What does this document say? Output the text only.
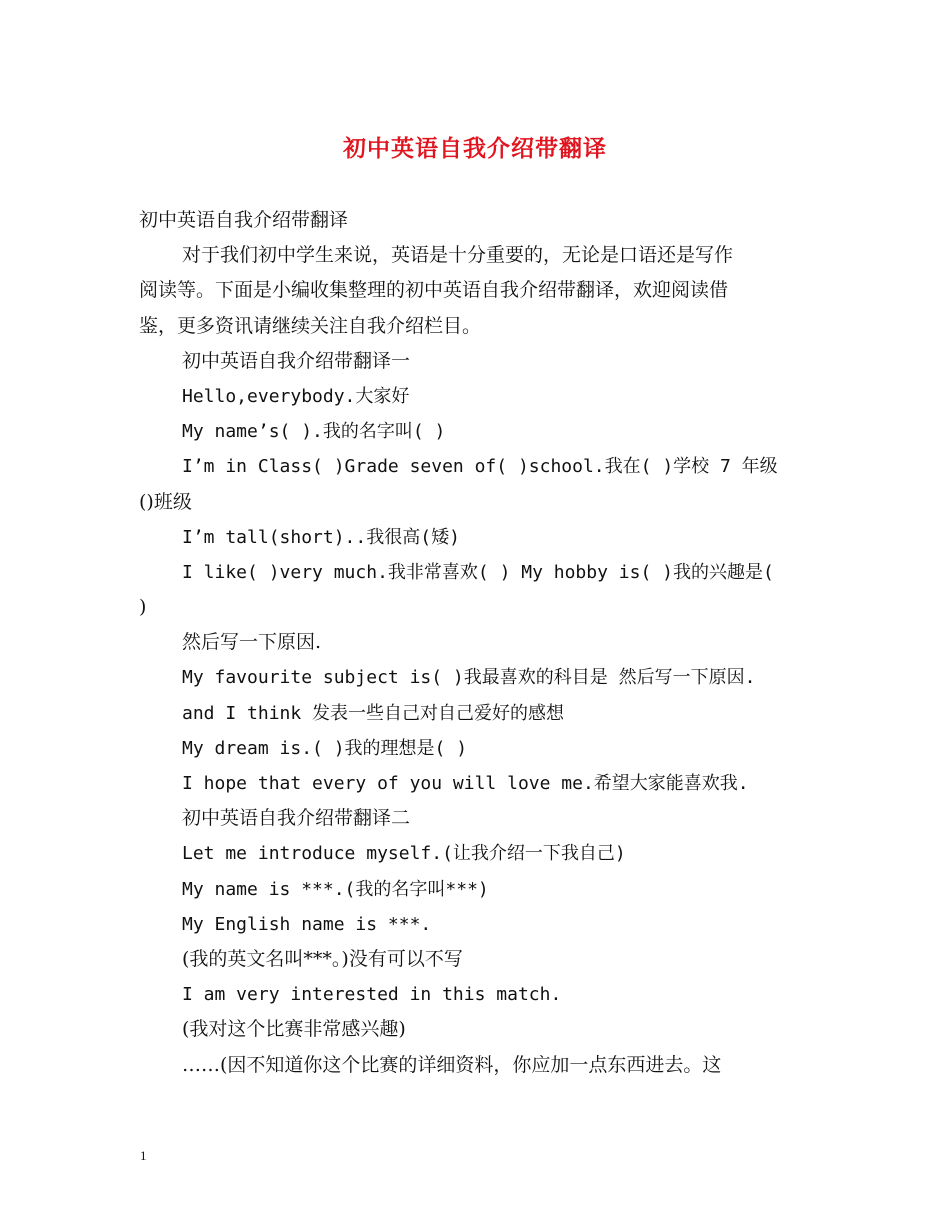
初中英语自我介绍带翻译
初中英语自我介绍带翻译
对于我们初中学生来说，英语是十分重要的，无论是口语还是写作
阅读等。下面是小编收集整理的初中英语自我介绍带翻译，欢迎阅读借
鉴，更多资讯请继续关注自我介绍栏目。
初中英语自我介绍带翻译一
Hello,everybody.大家好
My name’s( ).我的名字叫( )
I’m in Class( )Grade seven of( )school.我在( )学校 7 年级
()班级
I’m tall(short)..我很高(矮)
I like( )very much.我非常喜欢( ) My hobby is( )我的兴趣是(
)
然后写一下原因.
My favourite subject is( )我最喜欢的科目是 然后写一下原因.
and I think 发表一些自己对自己爱好的感想
My dream is.( )我的理想是( )
I hope that every of you will love me.希望大家能喜欢我.
初中英语自我介绍带翻译二
Let me introduce myself.(让我介绍一下我自己)
My name is ***.(我的名字叫***)
My English name is ***.
(我的英文名叫***。)没有可以不写
I am very interested in this match.
(我对这个比赛非常感兴趣)
……(因不知道你这个比赛的详细资料，你应加一点东西进去。这
1
